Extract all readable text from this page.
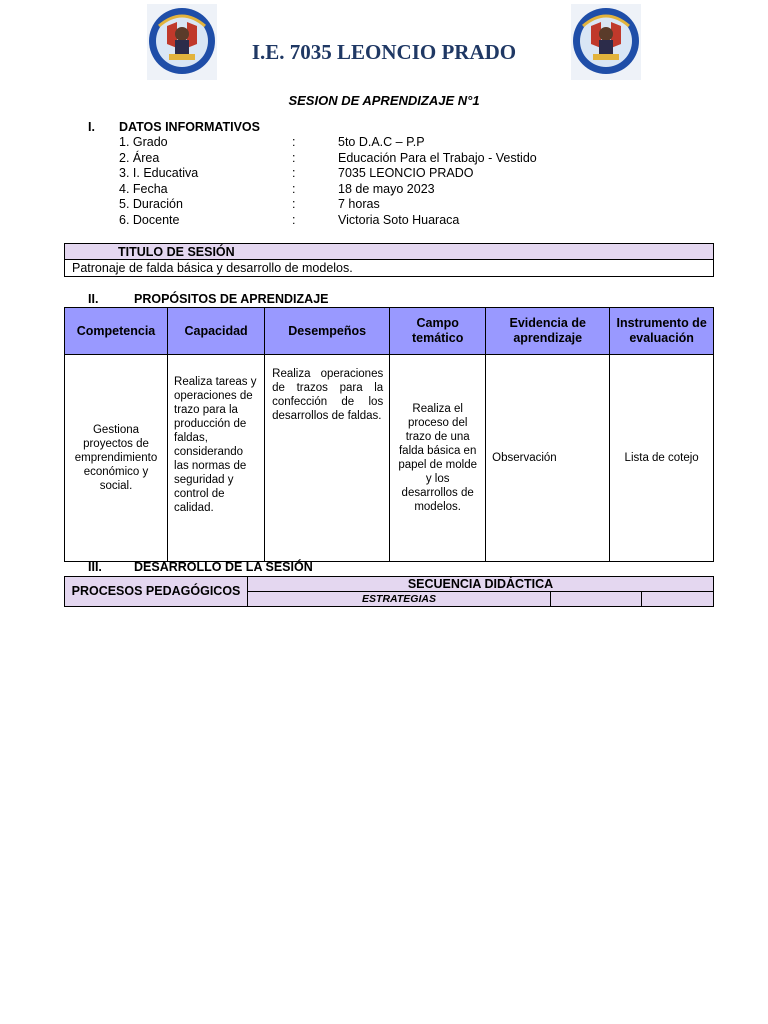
I.E. 7035 LEONCIO PRADO
SESION DE APRENDIZAJE N°1
I. DATOS INFORMATIVOS
1. Grado	:	5to D.A.C – P.P
2. Área	:	Educación Para el Trabajo - Vestido
3. I. Educativa	:	7035 LEONCIO PRADO
4. Fecha	:	18 de mayo 2023
5. Duración	:	7 horas
6. Docente	:	Victoria Soto Huaraca
TITULO DE SESIÓN
Patronaje de falda básica y desarrollo de modelos.
II.	PROPÓSITOS DE APRENDIZAJE
Competencia	Capacidad	Desempeños	Campo temático	Evidencia de aprendizaje	Instrumento de evaluación
Gestiona proyectos de emprendimiento económico y social.	Realiza tareas y operaciones de trazo para la producción de faldas, considerando las normas de seguridad y control de calidad.	Realiza operaciones de trazos para la confección de los desarrollos de faldas.	Realiza el proceso del trazo de una falda básica en papel de molde y los desarrollos de modelos.	Observación	Lista de cotejo
III.	DESARROLLO DE LA SESIÓN
PROCESOS PEDAGÓGICOS	SECUENCIA DIDÁCTICA		
	ESTRATEGIAS		
